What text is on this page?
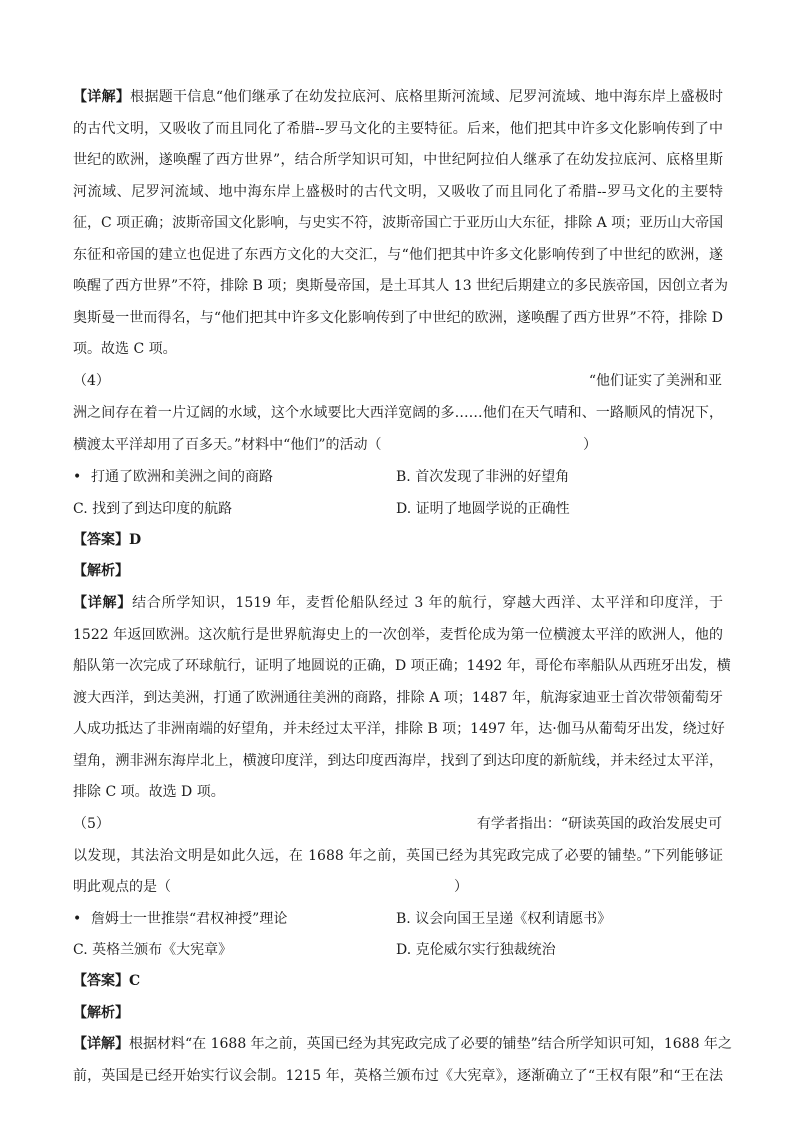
【详解】根据题干信息“他们继承了在幼发拉底河、底格里斯河流域、尼罗河流域、地中海东岸上盛极时
的古代文明，又吸收了而且同化了希腊--罗马文化的主要特征。后来，他们把其中许多文化影响传到了中
世纪的欧洲，遂唤醒了西方世界”，结合所学知识可知，中世纪阿拉伯人继承了在幼发拉底河、底格里斯
河流域、尼罗河流域、地中海东岸上盛极时的古代文明，又吸收了而且同化了希腊--罗马文化的主要特
征，C 项正确；波斯帝国文化影响，与史实不符，波斯帝国亡于亚历山大东征，排除 A 项；亚历山大帝国
东征和帝国的建立也促进了东西方文化的大交汇，与“他们把其中许多文化影响传到了中世纪的欧洲，遂
唤醒了西方世界”不符，排除 B 项；奥斯曼帝国，是土耳其人 13 世纪后期建立的多民族帝国，因创立者为
奥斯曼一世而得名，与“他们把其中许多文化影响传到了中世纪的欧洲，遂唤醒了西方世界”不符，排除 D
项。故选 C 项。
（4）	“他们证实了美洲和亚
洲之间存在着一片辽阔的水域，这个水域要比大西洋宽阔的多……他们在天气晴和、一路顺风的情况下，
横渡太平洋却用了百多天。”材料中“他们”的活动（	）
• 打通了欧洲和美洲之间的商路	B. 首次发现了非洲的好望角
C. 找到了到达印度的航路	D. 证明了地圆学说的正确性
【答案】D
【解析】
【详解】结合所学知识，1519 年，麦哲伦船队经过 3 年的航行，穿越大西洋、太平洋和印度洋，于
1522 年返回欧洲。这次航行是世界航海史上的一次创举，麦哲伦成为第一位横渡太平洋的欧洲人，他的
船队第一次完成了环球航行，证明了地圆说的正确，D 项正确；1492 年，哥伦布率船队从西班牙出发，横
渡大西洋，到达美洲，打通了欧洲通往美洲的商路，排除 A 项；1487 年，航海家迪亚士首次带领葡萄牙
人成功抵达了非洲南端的好望角，并未经过太平洋，排除 B 项；1497 年，达·伽马从葡萄牙出发，绕过好
望角，溯非洲东海岸北上，横渡印度洋，到达印度西海岸，找到了到达印度的新航线，并未经过太平洋，
排除 C 项。故选 D 项。
（5）	有学者指出：“研读英国的政治发展史可
以发现，其法治文明是如此久远，在 1688 年之前，英国已经为其宪政完成了必要的铺垫。”下列能够证
明此观点的是（	）
• 詹姆士一世推崇“君权神授”理论	B. 议会向国王呈递《权利请愿书》
C. 英格兰颁布《大宪章》	D. 克伦威尔实行独裁统治
【答案】C
【解析】
【详解】根据材料“在 1688 年之前，英国已经为其宪政完成了必要的铺垫”结合所学知识可知，1688 年之
前，英国是已经开始实行议会制。1215 年，英格兰颁布过《大宪章》，逐渐确立了“王权有限”和“王在法
